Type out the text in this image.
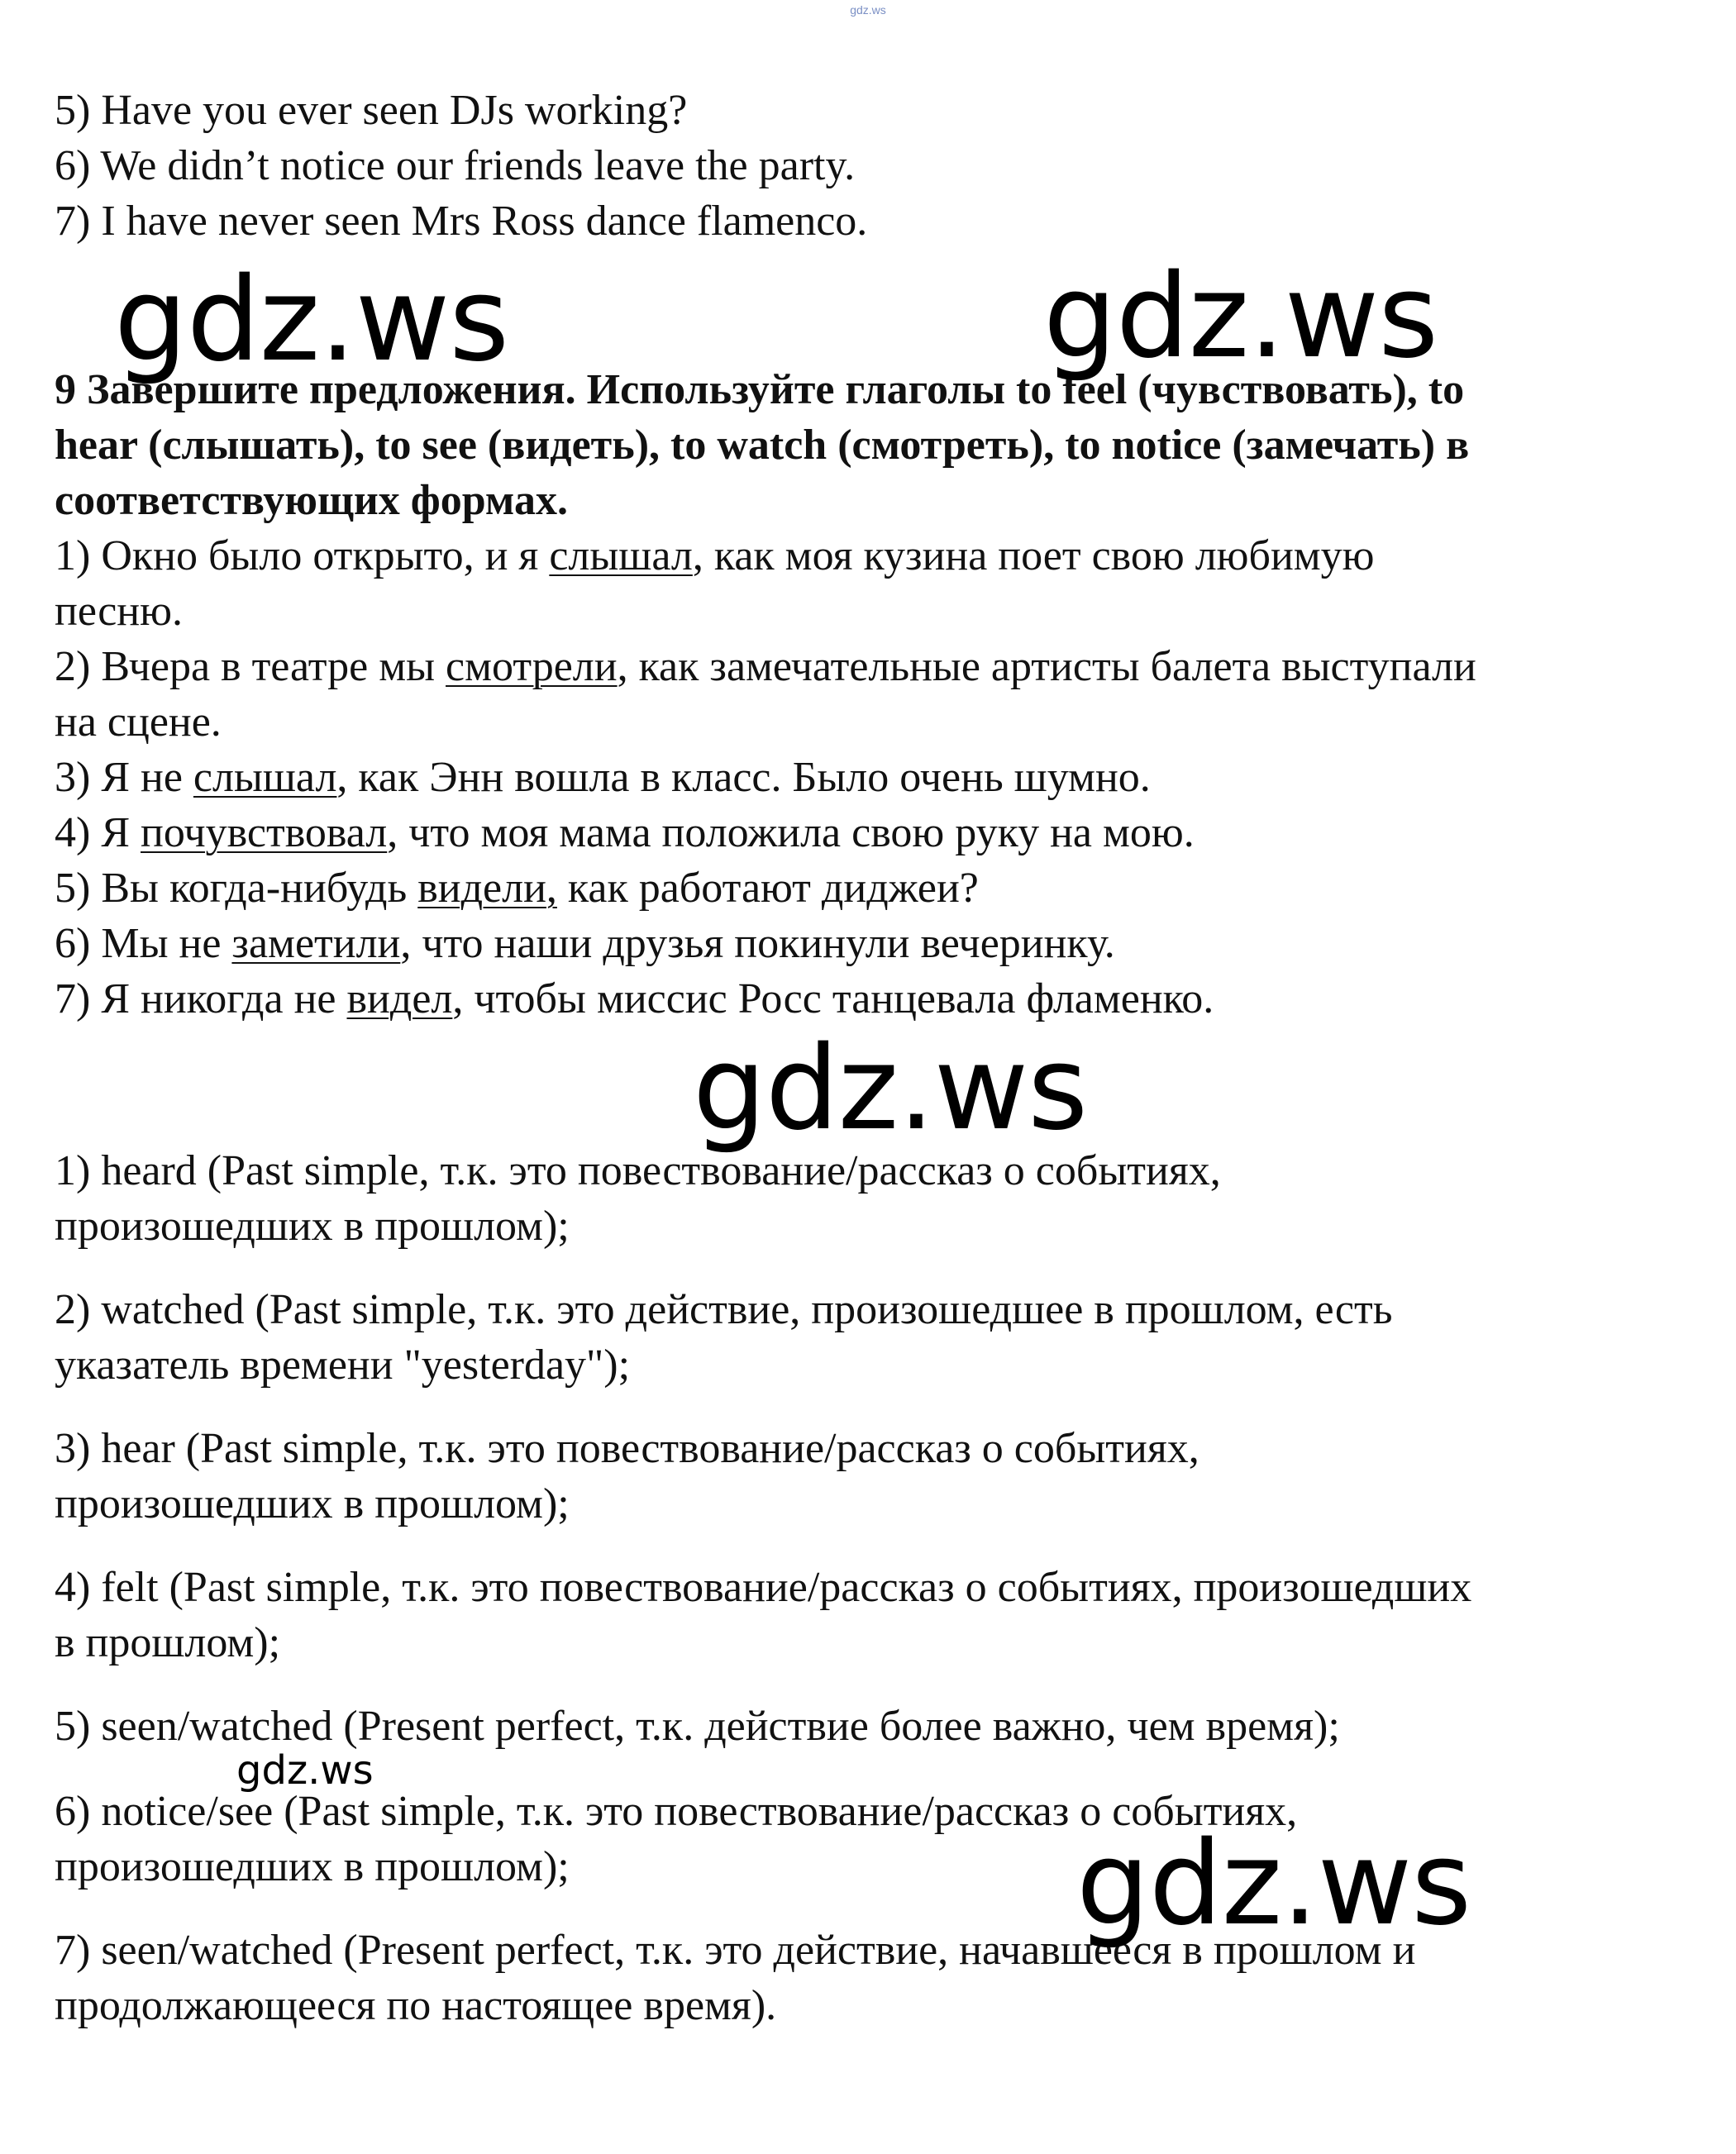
gdz.ws

5) Have you ever seen DJs working?

6) We didn’t notice our friends leave the party.

7) I have never seen Mrs Ross dance flamenco.

9 Завершите предложения. Используйте глаголы to feel (чувствовать), to
hear (слышать), to see (видеть), to watch (смотреть), to notice (замечать) в
соответствующих формах.

1) Окно было открыто, и я слышал, как моя кузина поет свою любимую

песню.

2) Вчера в театре мы смотрели, как замечательные артисты балета выступали

на сцене.

3) Я не слышал, как Энн вошла в класс. Было очень шумно.

4) Я почувствовал, что моя мама положила свою руку на мою.

5) Вы когда-нибудь видели, как работают диджеи?

6) Мы не заметили, что наши друзья покинули вечеринку.

7) Я никогда не видел, чтобы миссис Росс танцевала фламенко.

1) heard (Past simple, т.к. это повествование/рассказ о событиях,
произошедших в прошлом);
2) watched (Past simple, т.к. это действие, произошедшее в прошлом, есть
указатель времени "yesterday");
3) hear (Past simple, т.к. это повествование/рассказ о событиях,
произошедших в прошлом);
4) felt (Past simple, т.к. это повествование/рассказ о событиях, произошедших
в прошлом);
5) seen/watched (Present perfect, т.к. действие более важно, чем время);
6) notice/see (Past simple, т.к. это повествование/рассказ о событиях,
произошедших в прошлом);
7) seen/watched (Present perfect, т.к. это действие, начавшееся в прошлом и
продолжающееся по настоящее время).
gdz.ws	gdz.ws
gdz.ws
gdz.ws
gdz.ws
